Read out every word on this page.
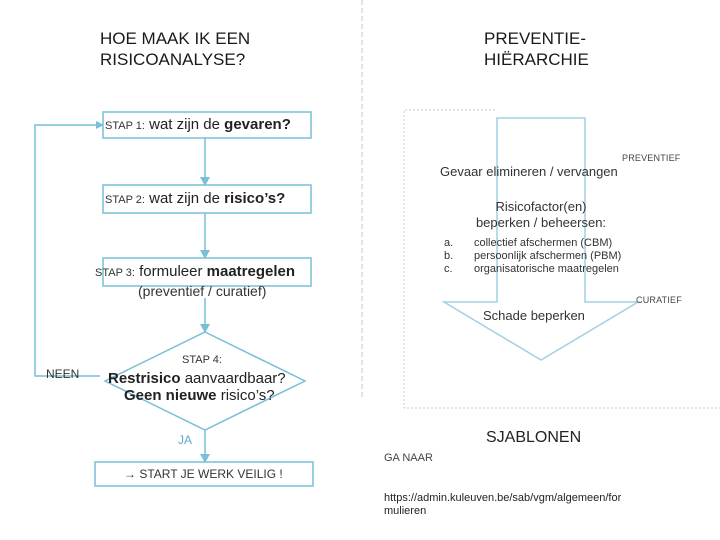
HOE MAAK IK EEN
RISICOANALYSE?
PREVENTIE-
HIËRARCHIE
STAP 1: wat zijn de gevaren?
STAP 2: wat zijn de risico’s?
STAP 3: formuleer maatregelen
(preventief / curatief)
STAP 4:
Restrisico aanvaardbaar?
Geen nieuwe risico’s?
NEEN
JA
→ START JE WERK VEILIG !
PREVENTIEF
Gevaar elimineren / vervangen
Risicofactor(en)
beperken / beheersen:
a. collectief afschermen (CBM)
b. persoonlijk afschermen (PBM)
c. organisatorische maatregelen
CURATIEF
Schade beperken
SJABLONEN
GA NAAR
https://admin.kuleuven.be/sab/vgm/algemeen/for
mulieren
